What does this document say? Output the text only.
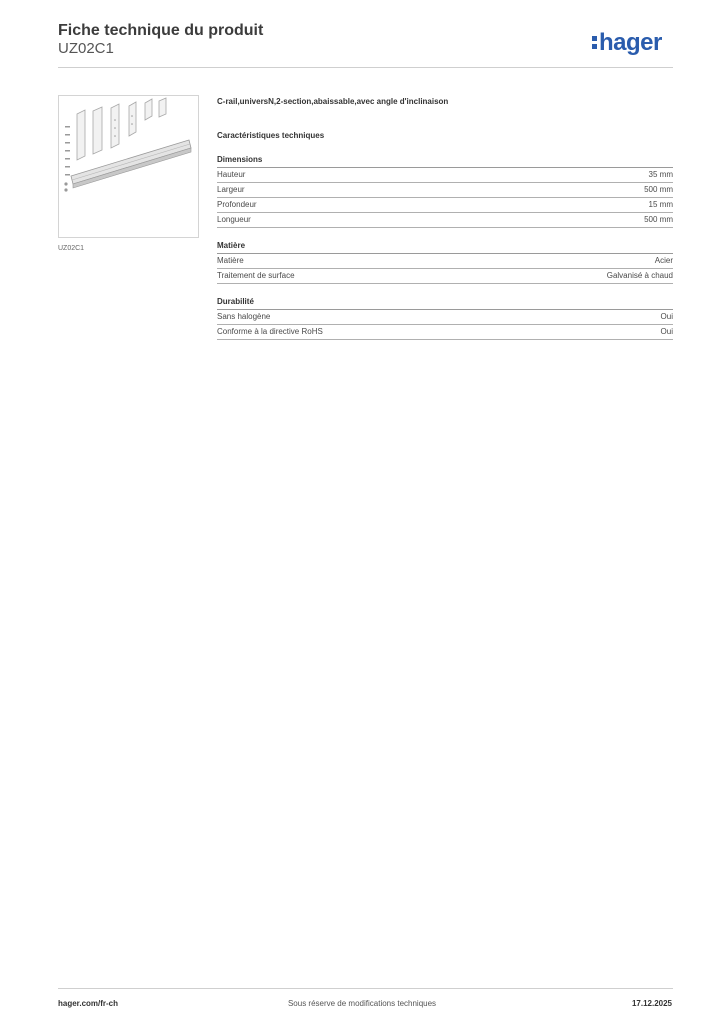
Fiche technique du produit
UZ02C1	hager
UZ02C1
C-rail,universN,2-section,abaissable,avec angle d'inclinaison
Caractéristiques techniques
Dimensions
Hauteur	35 mm
Largeur	500 mm
Profondeur	15 mm
Longueur	500 mm
Matière
Matière	Acier
Traitement de surface	Galvanisé à chaud
Durabilité
Sans halogène	Oui
Conforme à la directive RoHS	Oui
hager.com/fr-ch	Sous réserve de modifications techniques	17.12.2025
